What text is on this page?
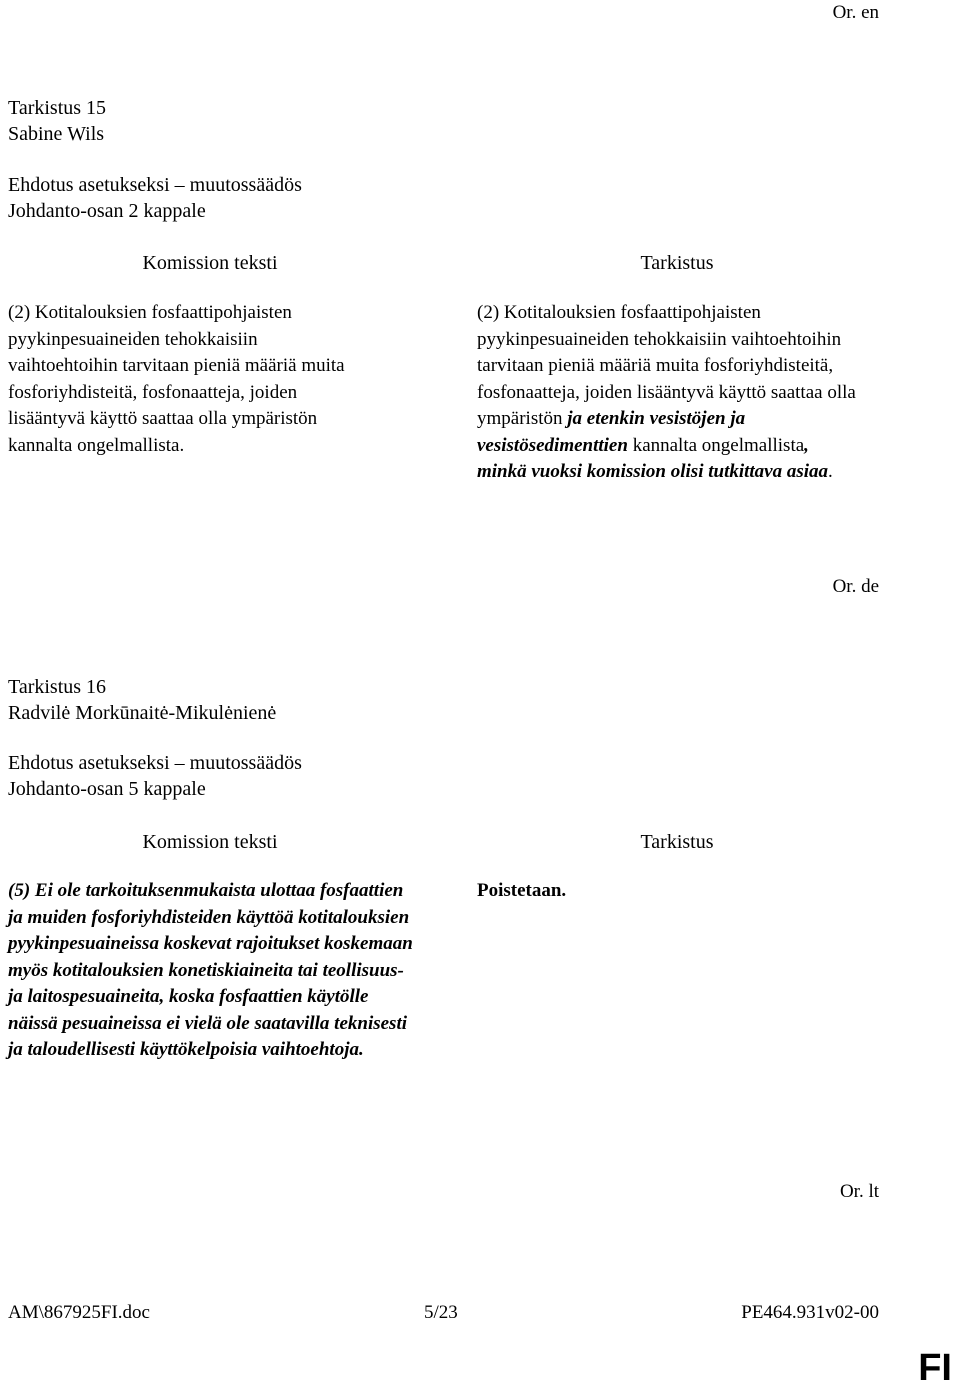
Or. en
Tarkistus 15
Sabine Wils
Ehdotus asetukseksi – muutossäädös
Johdanto-osan 2 kappale
Komission teksti	Tarkistus
(2) Kotitalouksien fosfaattipohjaisten pyykinpesuaineiden tehokkaisiin vaihtoehtoihin tarvitaan pieniä määriä muita fosforiyhdisteitä, fosfonaatteja, joiden lisääntyvä käyttö saattaa olla ympäristön kannalta ongelmallista.
(2) Kotitalouksien fosfaattipohjaisten pyykinpesuaineiden tehokkaisiin vaihtoehtoihin tarvitaan pieniä määriä muita fosforiyhdisteitä, fosfonaatteja, joiden lisääntyvä käyttö saattaa olla ympäristön ja etenkin vesistöjen ja vesistösedimenttien kannalta ongelmallista, minkä vuoksi komission olisi tutkittava asiaa.
Or. de
Tarkistus 16
Radvilė Morkūnaitė-Mikulėnienė
Ehdotus asetukseksi – muutossäädös
Johdanto-osan 5 kappale
Komission teksti	Tarkistus
(5) Ei ole tarkoituksenmukaista ulottaa fosfaattien ja muiden fosforiyhdisteiden käyttöä kotitalouksien pyykinpesuaineissa koskevat rajoitukset koskemaan myös kotitalouksien konetiskiaineita tai teollisuus- ja laitospesuaineita, koska fosfaattien käytölle näissä pesuaineissa ei vielä ole saatavilla teknisesti ja taloudellisesti käyttökelpoisia vaihtoehtoja.
Poistetaan.
Or. lt
AM\867925FI.doc	5/23	PE464.931v02-00
FI
